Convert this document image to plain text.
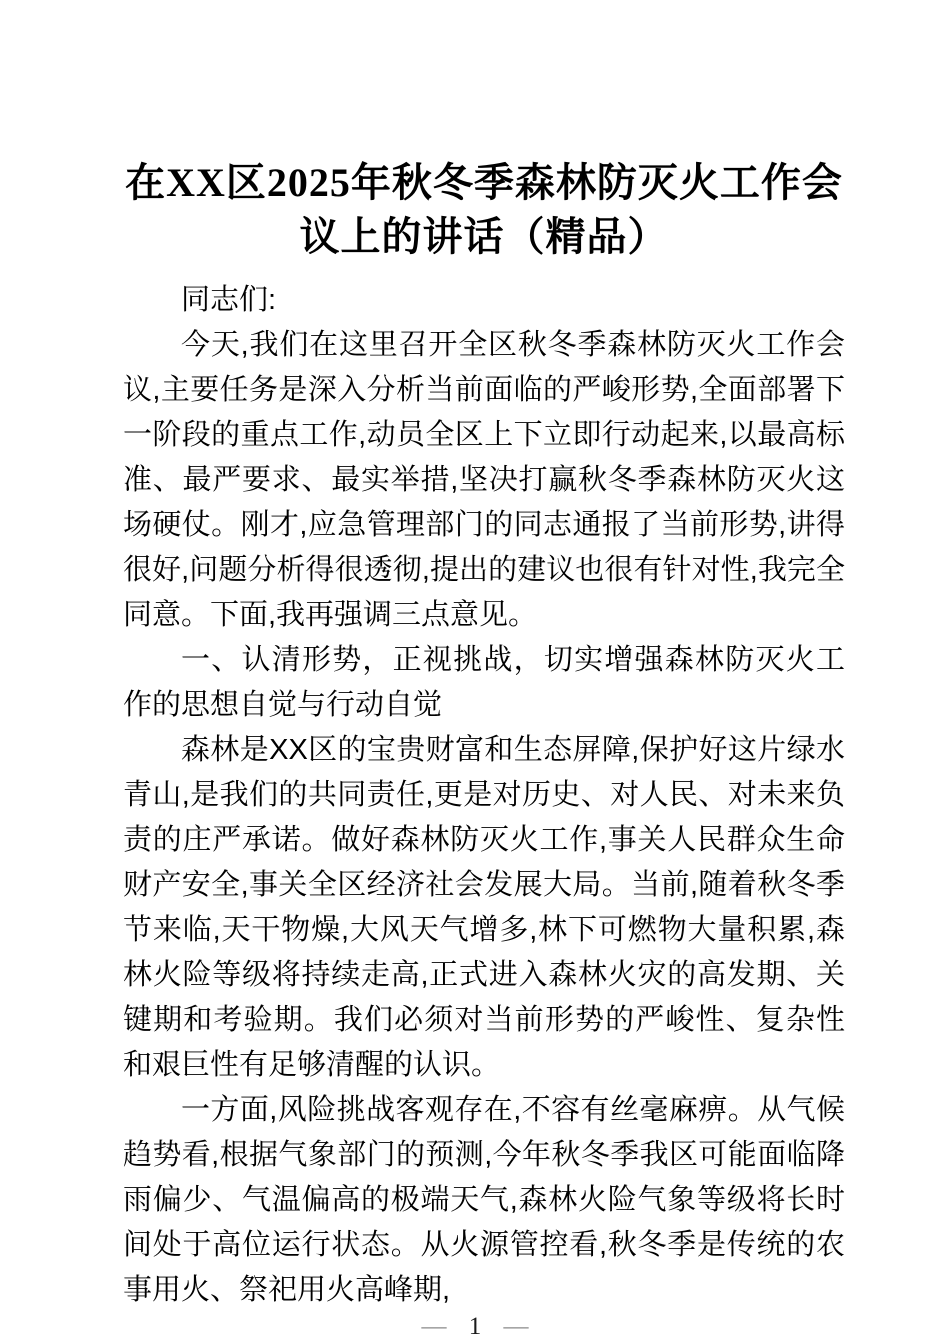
在XX区2025年秋冬季森林防灭火工作会议上的讲话（精品）

同志们:

今天,我们在这里召开全区秋冬季森林防灭火工作会议,主要任务是深入分析当前面临的严峻形势,全面部署下一阶段的重点工作,动员全区上下立即行动起来,以最高标准、最严要求、最实举措,坚决打赢秋冬季森林防灭火这场硬仗。刚才,应急管理部门的同志通报了当前形势,讲得很好,问题分析得很透彻,提出的建议也很有针对性,我完全同意。下面,我再强调三点意见。

一、认清形势，正视挑战，切实增强森林防灭火工作的思想自觉与行动自觉

森林是XX区的宝贵财富和生态屏障,保护好这片绿水青山,是我们的共同责任,更是对历史、对人民、对未来负责的庄严承诺。做好森林防灭火工作,事关人民群众生命财产安全,事关全区经济社会发展大局。当前,随着秋冬季节来临,天干物燥,大风天气增多,林下可燃物大量积累,森林火险等级将持续走高,正式进入森林火灾的高发期、关键期和考验期。我们必须对当前形势的严峻性、复杂性和艰巨性有足够清醒的认识。

一方面,风险挑战客观存在,不容有丝毫麻痹。从气候趋势看,根据气象部门的预测,今年秋冬季我区可能面临降雨偏少、气温偏高的极端天气,森林火险气象等级将长时间处于高位运行状态。从火源管控看,秋冬季是传统的农事用火、祭祀用火高峰期,

— 1 —
